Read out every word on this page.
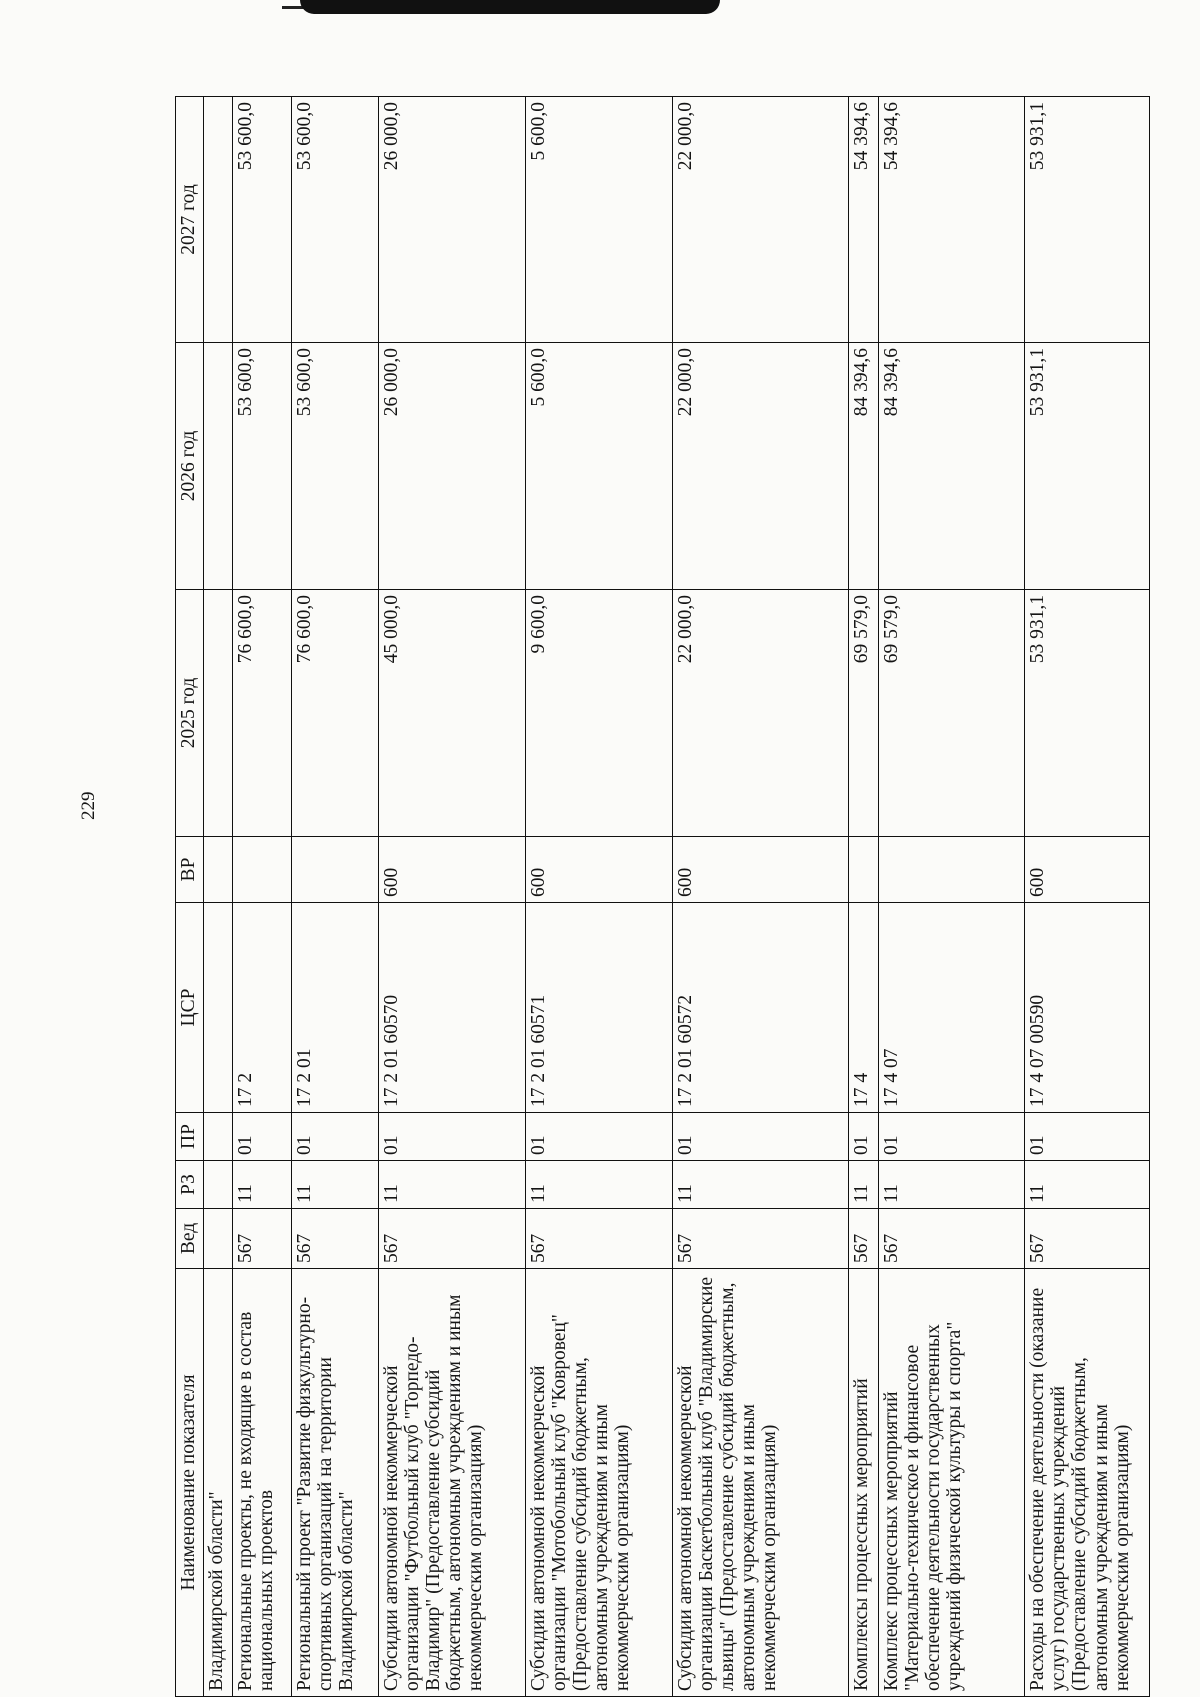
229
Наименование показателя	Вед	РЗ	ПР	ЦСР	ВР	2025 год	2026 год	2027 год
Владимирской области"								
Региональные проекты, не входящие в состав национальных проектов	567	11	01	17 2		76 600,0	53 600,0	53 600,0
Региональный проект "Развитие физкультурно-спортивных организаций на территории Владимирской области"	567	11	01	17 2 01		76 600,0	53 600,0	53 600,0
Субсидии автономной некоммерческой организации "Футбольный клуб "Торпедо-Владимир" (Предоставление субсидий бюджетным, автономным учреждениям и иным некоммерческим организациям)	567	11	01	17 2 01 60570	600	45 000,0	26 000,0	26 000,0
Субсидии автономной некоммерческой организации "Мотобольный клуб "Ковровец" (Предоставление субсидий бюджетным, автономным учреждениям и иным некоммерческим организациям)	567	11	01	17 2 01 60571	600	9 600,0	5 600,0	5 600,0
Субсидии автономной некоммерческой организации Баскетбольный клуб "Владимирские львицы" (Предоставление субсидий бюджетным, автономным учреждениям и иным некоммерческим организациям)	567	11	01	17 2 01 60572	600	22 000,0	22 000,0	22 000,0
Комплексы процессных мероприятий	567	11	01	17 4		69 579,0	84 394,6	54 394,6
Комплекс процессных мероприятий "Материально-техническое и финансовое обеспечение деятельности государственных учреждений физической культуры и спорта"	567	11	01	17 4 07		69 579,0	84 394,6	54 394,6
Расходы на обеспечение деятельности (оказание услуг) государственных учреждений (Предоставление субсидий бюджетным, автономным учреждениям и иным некоммерческим организациям)	567	11	01	17 4 07 00590	600	53 931,1	53 931,1	53 931,1
